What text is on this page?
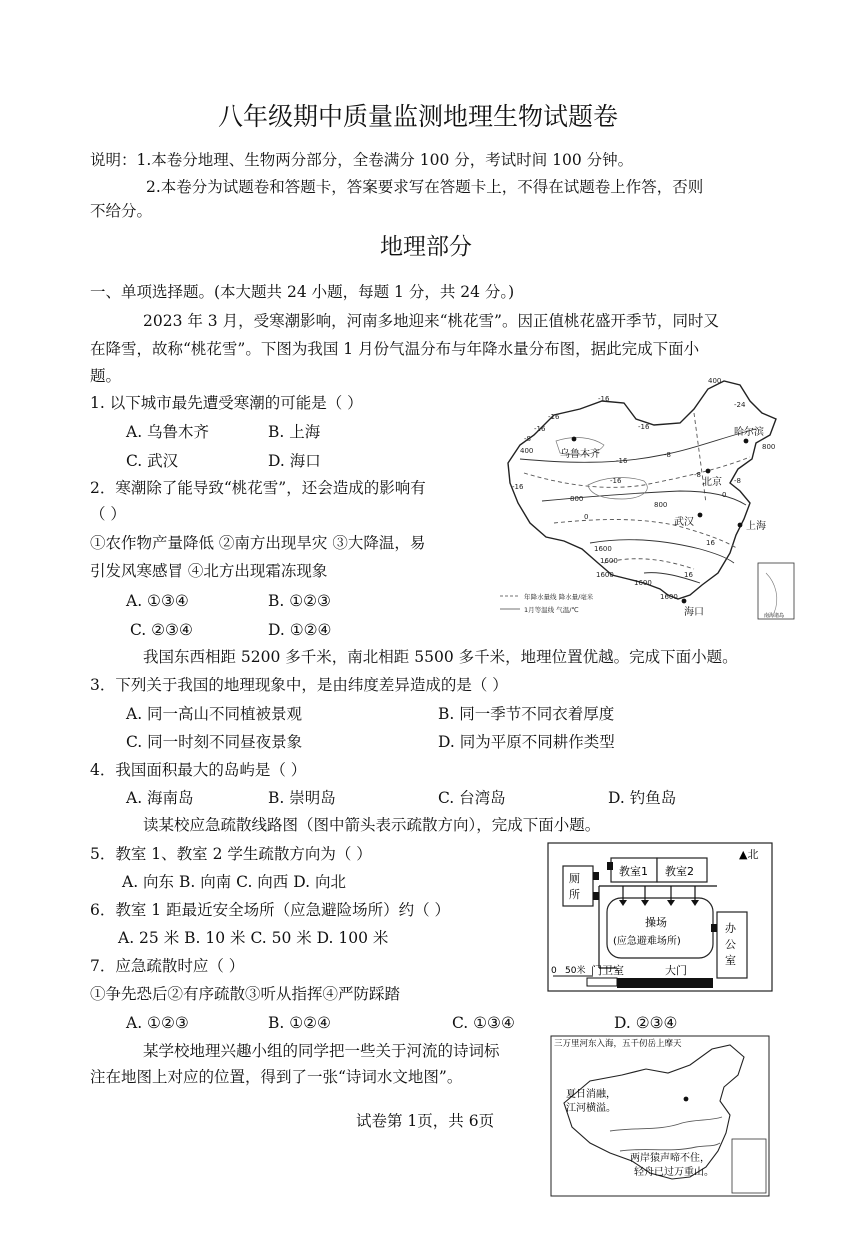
八年级期中质量监测地理生物试题卷
说明：1.本卷分地理、生物两分部分，全卷满分 100 分，考试时间 100 分钟。
2.本卷分为试题卷和答题卡，答案要求写在答题卡上，不得在试题卷上作答，否则
不给分。
地理部分
一、单项选择题。(本大题共 24 小题，每题 1 分，共 24 分。)
2023 年 3 月，受寒潮影响，河南多地迎来“桃花雪”。因正值桃花盛开季节，同时又
在降雪，故称“桃花雪”。下图为我国 1 月份气温分布与年降水量分布图，据此完成下面小
题。
1. 以下城市最先遭受寒潮的可能是（ ）
A. 乌鲁木齐	B. 上海
C. 武汉	D. 海口
2．寒潮除了能导致“桃花雪”，还会造成的影响有
（ ）
①农作物产量降低 ②南方出现旱灾 ③大降温，易
引发风寒感冒 ④北方出现霜冻现象
A. ①③④	B. ①②③
C. ②③④	D. ①②④
南海诸岛
400
-24
-16
-16
-16
-8
-16
400	-8
-16
800
-16
-8
-16	-8
0
800
0
800
1600
1600
1600
1600
1600
16
16
乌鲁木齐
哈尔滨
北京
武汉	上海
海口
年降水量线 降水量/毫米
1月等温线 气温/℃
我国东西相距 5200 多千米，南北相距 5500 多千米，地理位置优越。完成下面小题。
3．下列关于我国的地理现象中，是由纬度差异造成的是（ ）
A. 同一高山不同植被景观	B. 同一季节不同衣着厚度
C. 同一时刻不同昼夜景象	D. 同为平原不同耕作类型
4．我国面积最大的岛屿是（ ）
A. 海南岛	B. 崇明岛	C. 台湾岛	D. 钓鱼岛
读某校应急疏散线路图（图中箭头表示疏散方向），完成下面小题。
5．教室 1、教室 2 学生疏散方向为（ ）
A. 向东 B. 向南 C. 向西 D. 向北
6．教室 1 距最近安全场所（应急避险场所）约（ ）
A. 25 米 B. 10 米 C. 50 米 D. 100 米
7．应急疏散时应（ ）
①争先恐后②有序疏散③听从指挥④严防踩踏
A. ①②③	B. ①②④	C. ①③④	D. ②③④
▲北
教室1 教室2
厕
所
操场
(应急避难场所)
办
公
室
0 50米 门卫室	大门
某学校地理兴趣小组的同学把一些关于河流的诗词标
注在地图上对应的位置，得到了一张“诗词水文地图”。
三万里河东入海，五千仞岳上摩天
夏日消融，
江河横溢。
两岸猿声啼不住，
轻舟已过万重山。
试卷第 1页，共 6页
